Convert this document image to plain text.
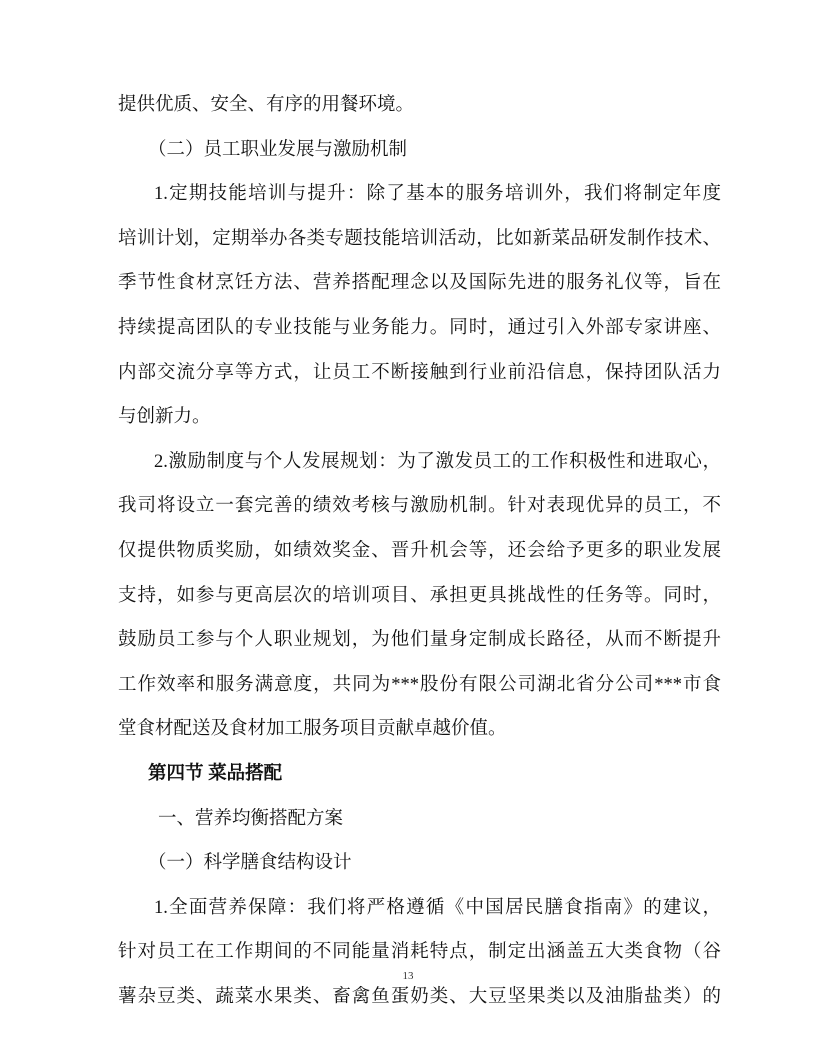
提供优质、安全、有序的用餐环境。
（二）员工职业发展与激励机制
1.定期技能培训与提升：除了基本的服务培训外，我们将制定年度
培训计划，定期举办各类专题技能培训活动，比如新菜品研发制作技术、
季节性食材烹饪方法、营养搭配理念以及国际先进的服务礼仪等，旨在
持续提高团队的专业技能与业务能力。同时，通过引入外部专家讲座、
内部交流分享等方式，让员工不断接触到行业前沿信息，保持团队活力
与创新力。
2.激励制度与个人发展规划：为了激发员工的工作积极性和进取心，
我司将设立一套完善的绩效考核与激励机制。针对表现优异的员工，不
仅提供物质奖励，如绩效奖金、晋升机会等，还会给予更多的职业发展
支持，如参与更高层次的培训项目、承担更具挑战性的任务等。同时，
鼓励员工参与个人职业规划，为他们量身定制成长路径，从而不断提升
工作效率和服务满意度，共同为***股份有限公司湖北省分公司***市食
堂食材配送及食材加工服务项目贡献卓越价值。
第四节 菜品搭配
一、营养均衡搭配方案
（一）科学膳食结构设计
1.全面营养保障：我们将严格遵循《中国居民膳食指南》的建议，
针对员工在工作期间的不同能量消耗特点，制定出涵盖五大类食物（谷
薯杂豆类、蔬菜水果类、畜禽鱼蛋奶类、大豆坚果类以及油脂盐类）的
13
